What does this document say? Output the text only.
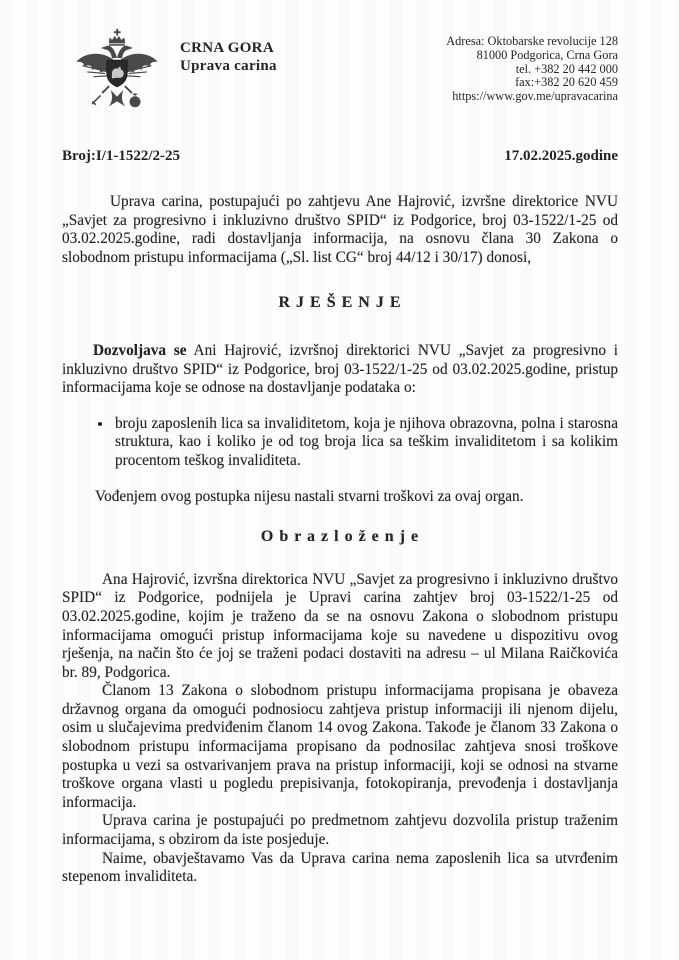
CRNA GORA
Uprava carina
Adresa: Oktobarske revolucije 128
81000 Podgorica, Crna Gora
tel. +382 20 442 000
fax:+382 20 620 459
https://www.gov.me/upravacarina
Broj:I/1-1522/2-25	17.02.2025.godine

Uprava carina, postupajući po zahtjevu Ane Hajrović, izvršne direktorice NVU „Savjet za progresivno i inkluzivno društvo SPID“ iz Podgorice, broj 03-1522/1-25 od 03.02.2025.godine, radi dostavljanja informacija, na osnovu člana 30 Zakona o slobodnom pristupu informacijama („Sl. list CG“ broj 44/12 i 30/17) donosi,

R J E Š E N J E

Dozvoljava se Ani Hajrović, izvršnoj direktorici NVU „Savjet za progresivno i inkluzivno društvo SPID“ iz Podgorice, broj 03-1522/1-25 od 03.02.2025.godine, pristup informacijama koje se odnose na dostavljanje podataka o:

• broju zaposlenih lica sa invaliditetom, koja je njihova obrazovna, polna i starosna struktura, kao i koliko je od tog broja lica sa teškim invaliditetom i sa kolikim procentom teškog invaliditeta.

Vođenjem ovog postupka nijesu nastali stvarni troškovi za ovaj organ.

O b r a z l o ž e n j e

Ana Hajrović, izvršna direktorica NVU „Savjet za progresivno i inkluzivno društvo SPID“ iz Podgorice, podnijela je Upravi carina zahtjev broj 03-1522/1-25 od 03.02.2025.godine, kojim je traženo da se na osnovu Zakona o slobodnom pristupu informacijama omogući pristup informacijama koje su navedene u dispozitivu ovog rješenja, na način što će joj se traženi podaci dostaviti na adresu – ul Milana Raičkovića br. 89, Podgorica.

Članom 13 Zakona o slobodnom pristupu informacijama propisana je obaveza državnog organa da omogući podnosiocu zahtjeva pristup informaciji ili njenom dijelu, osim u slučajevima predviđenim članom 14 ovog Zakona. Takođe je članom 33 Zakona o slobodnom pristupu informacijama propisano da podnosilac zahtjeva snosi troškove postupka u vezi sa ostvarivanjem prava na pristup informaciji, koji se odnosi na stvarne troškove organa vlasti u pogledu prepisivanja, fotokopiranja, prevođenja i dostavljanja informacija.

Uprava carina je postupajući po predmetnom zahtjevu dozvolila pristup traženim informacijama, s obzirom da iste posjeduje.

Naime, obavještavamo Vas da Uprava carina nema zaposlenih lica sa utvrđenim stepenom invaliditeta.
